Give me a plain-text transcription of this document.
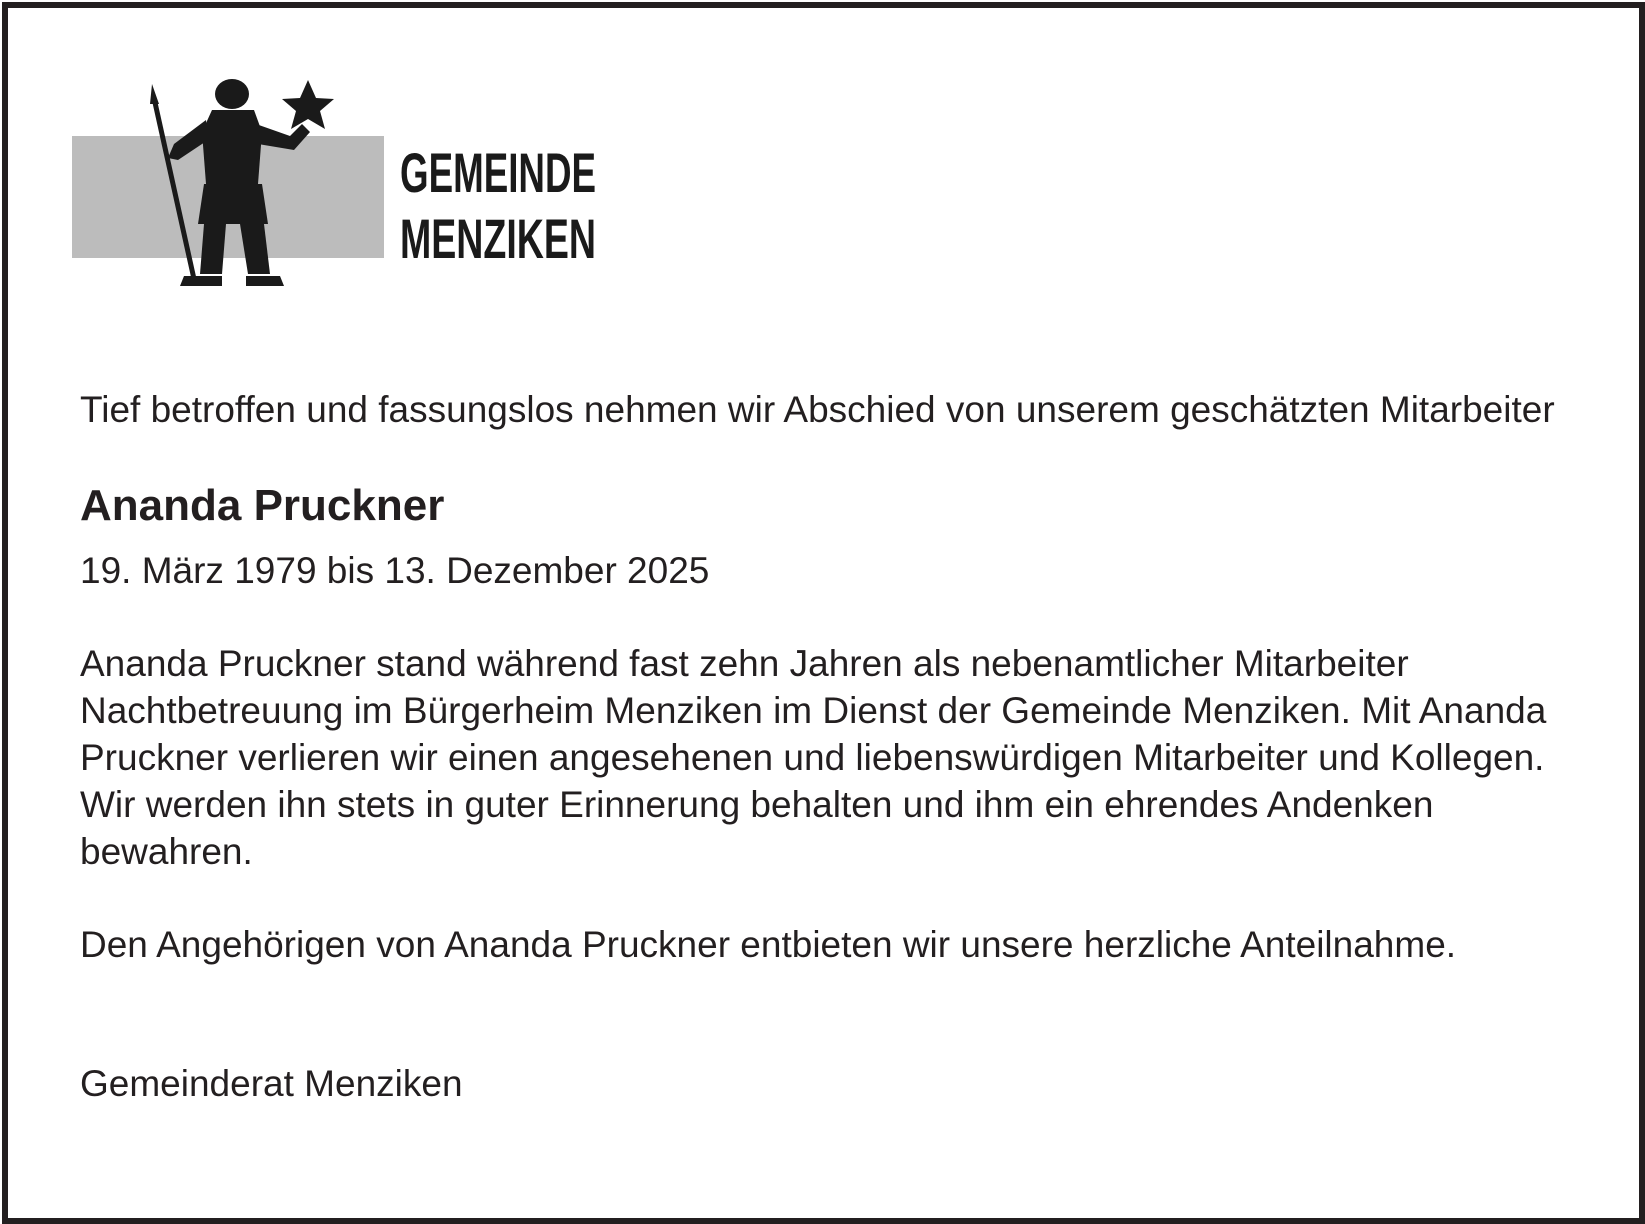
GEMEINDE
MENZIKEN

Tief betroffen und fassungslos nehmen wir Abschied von unserem geschätzten Mitarbeiter

Ananda Pruckner

19. März 1979 bis 13. Dezember 2025

Ananda Pruckner stand während fast zehn Jahren als nebenamtlicher Mitarbeiter Nachtbetreuung im Bürgerheim Menziken im Dienst der Gemeinde Menziken. Mit Ananda Pruckner verlieren wir einen angesehenen und liebenswürdigen Mitarbeiter und Kollegen. Wir werden ihn stets in guter Erinnerung behalten und ihm ein ehrendes Andenken bewahren.

Den Angehörigen von Ananda Pruckner entbieten wir unsere herzliche Anteilnahme.

Gemeinderat Menziken
